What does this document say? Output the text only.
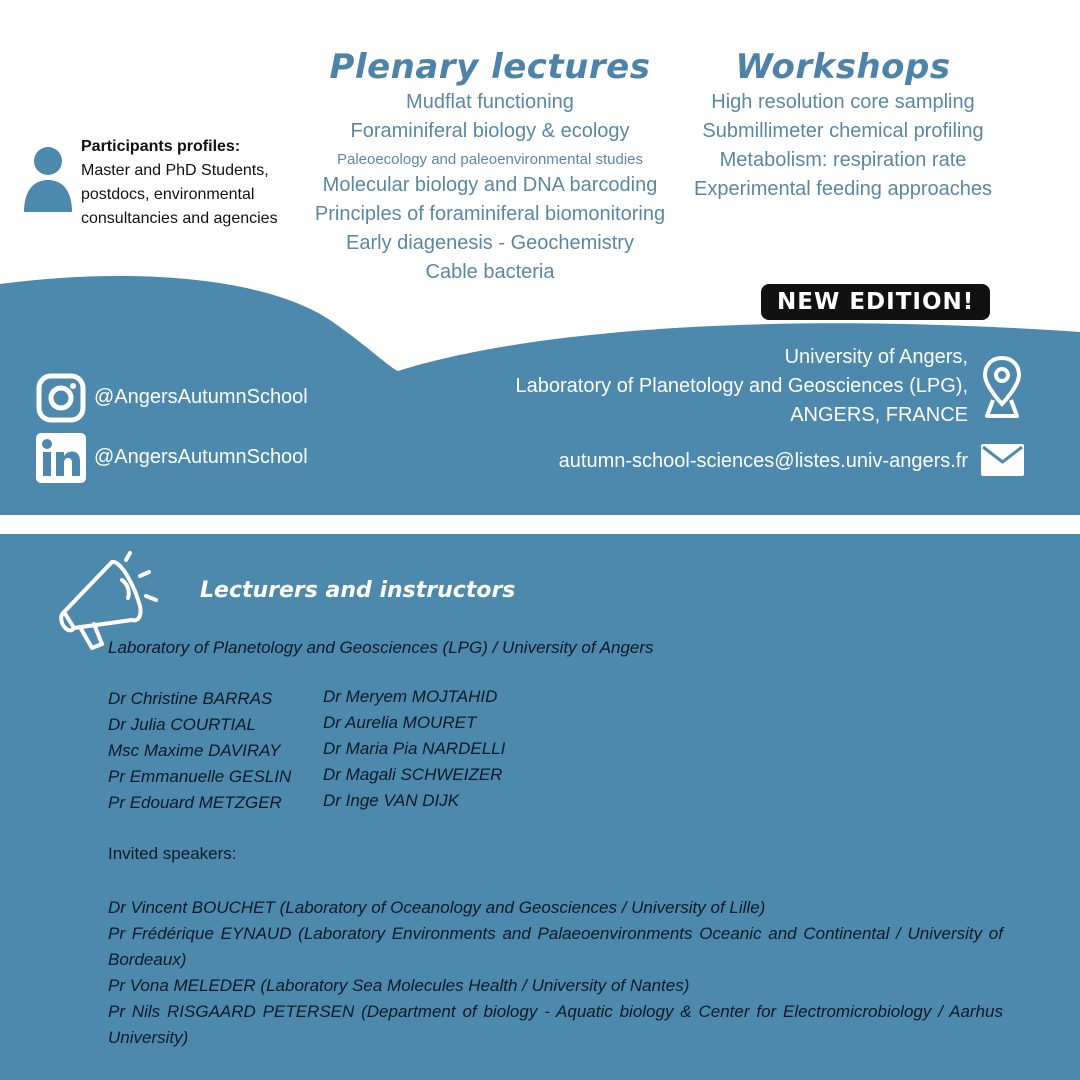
Participants profiles:
Master and PhD Students,
postdocs, environmental
consultancies and agencies
Plenary lectures
Mudflat functioning
Foraminiferal biology & ecology
Paleoecology and paleoenvironmental studies
Molecular biology and DNA barcoding
Principles of foraminiferal biomonitoring
Early diagenesis - Geochemistry
Cable bacteria
Workshops
High resolution core sampling
Submillimeter chemical profiling
Metabolism: respiration rate
Experimental feeding approaches
NEW EDITION!
@AngersAutumnSchool
@AngersAutumnSchool
University of Angers,
Laboratory of Planetology and Geosciences (LPG),
ANGERS, FRANCE
autumn-school-sciences@listes.univ-angers.fr
Lecturers and instructors
Laboratory of Planetology and Geosciences (LPG) / University of Angers
Dr Christine BARRAS
Dr Julia COURTIAL
Msc Maxime DAVIRAY
Pr Emmanuelle GESLIN
Pr Edouard METZGER
Dr Meryem MOJTAHID
Dr Aurelia MOURET
Dr Maria Pia NARDELLI
Dr Magali SCHWEIZER
Dr Inge VAN DIJK
Invited speakers:

Dr Vincent BOUCHET (Laboratory of Oceanology and Geosciences / University of Lille)

Pr Frédérique EYNAUD (Laboratory Environments and Palaeoenvironments Oceanic and Continental / University of Bordeaux)

Pr Vona MELEDER (Laboratory Sea Molecules Health / University of Nantes)

Pr Nils RISGAARD PETERSEN (Department of biology - Aquatic biology & Center for Electromicrobiology / Aarhus University)
